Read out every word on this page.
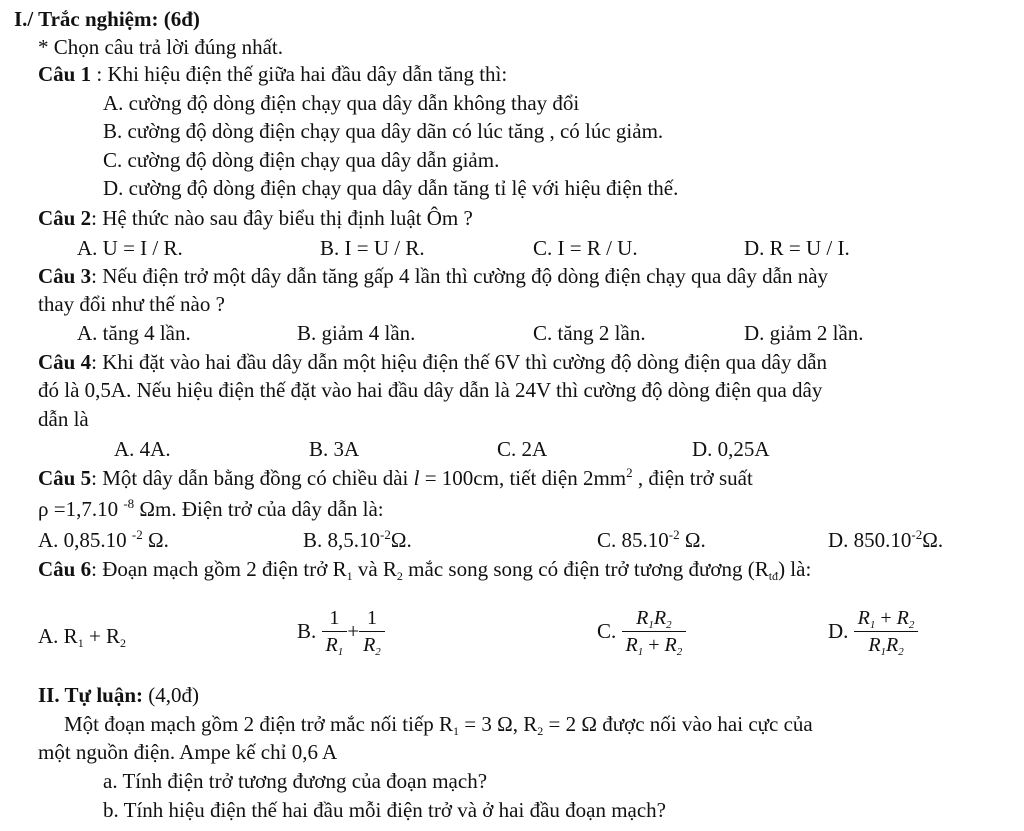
I./ Trắc nghiệm: (6đ)
* Chọn câu trả lời đúng nhất.
Câu 1 : Khi hiệu điện thế giữa hai đầu dây dẫn tăng thì:
A. cường độ dòng điện chạy qua dây dẫn không thay đổi
B. cường độ dòng điện chạy qua dây dãn có lúc tăng , có lúc giảm.
C. cường độ dòng điện chạy qua dây dẫn giảm.
D. cường độ dòng điện chạy qua dây dẫn tăng tỉ lệ với hiệu điện thế.
Câu 2: Hệ thức nào sau đây biểu thị định luật Ôm ?
A. U = I / R.	B. I = U / R.	C. I = R / U.	D. R = U / I.
Câu 3: Nếu điện trở một dây dẫn tăng gấp 4 lần thì cường độ dòng điện chạy qua dây dẫn này
thay đổi như thế nào ?
A. tăng 4 lần.	B. giảm 4 lần.	C. tăng 2 lần.	D. giảm 2 lần.
Câu 4: Khi đặt vào hai đầu dây dẫn một hiệu điện thế 6V thì cường độ dòng điện qua dây dẫn
đó là 0,5A. Nếu hiệu điện thế đặt vào hai đầu dây dẫn là 24V thì cường độ dòng điện qua dây
dẫn là
A. 4A.	B. 3A	C. 2A	D. 0,25A
Câu 5: Một dây dẫn bằng đồng có chiều dài l = 100cm, tiết diện $2mm^2$ , điện trở suất
ρ =1,7.10 $^{-8}$ Ωm. Điện trở của dây dẫn là:
A. 0,85.10 $^{-2}$ Ω.	B. $8,5.10^{-2}\Omega$.	C. $85.10^{-2}$ Ω.	D. $850.10^{-2}\Omega$.
Câu 6: Đoạn mạch gồm 2 điện trở $R_1$ và $R_2$ mắc song song có điện trở tương đương $(R_{tđ})$ là:
A. $R_1 + R_2$	B. $\frac{1}{R_1} + \frac{1}{R_2}$	C. $\frac{R_1R_2}{R_1 + R_2}$	D. $\frac{R_1 + R_2}{R_1R_2}$
II. Tự luận: (4,0đ)
Một đoạn mạch gồm 2 điện trở mắc nối tiếp $R_1 = 3$ Ω, $R_2 = 2$ Ω được nối vào hai cực của
một nguồn điện. Ampe kế chỉ 0,6 A
a. Tính điện trở tương đương của đoạn mạch?
b. Tính hiệu điện thế hai đầu mỗi điện trở và ở hai đầu đoạn mạch?
